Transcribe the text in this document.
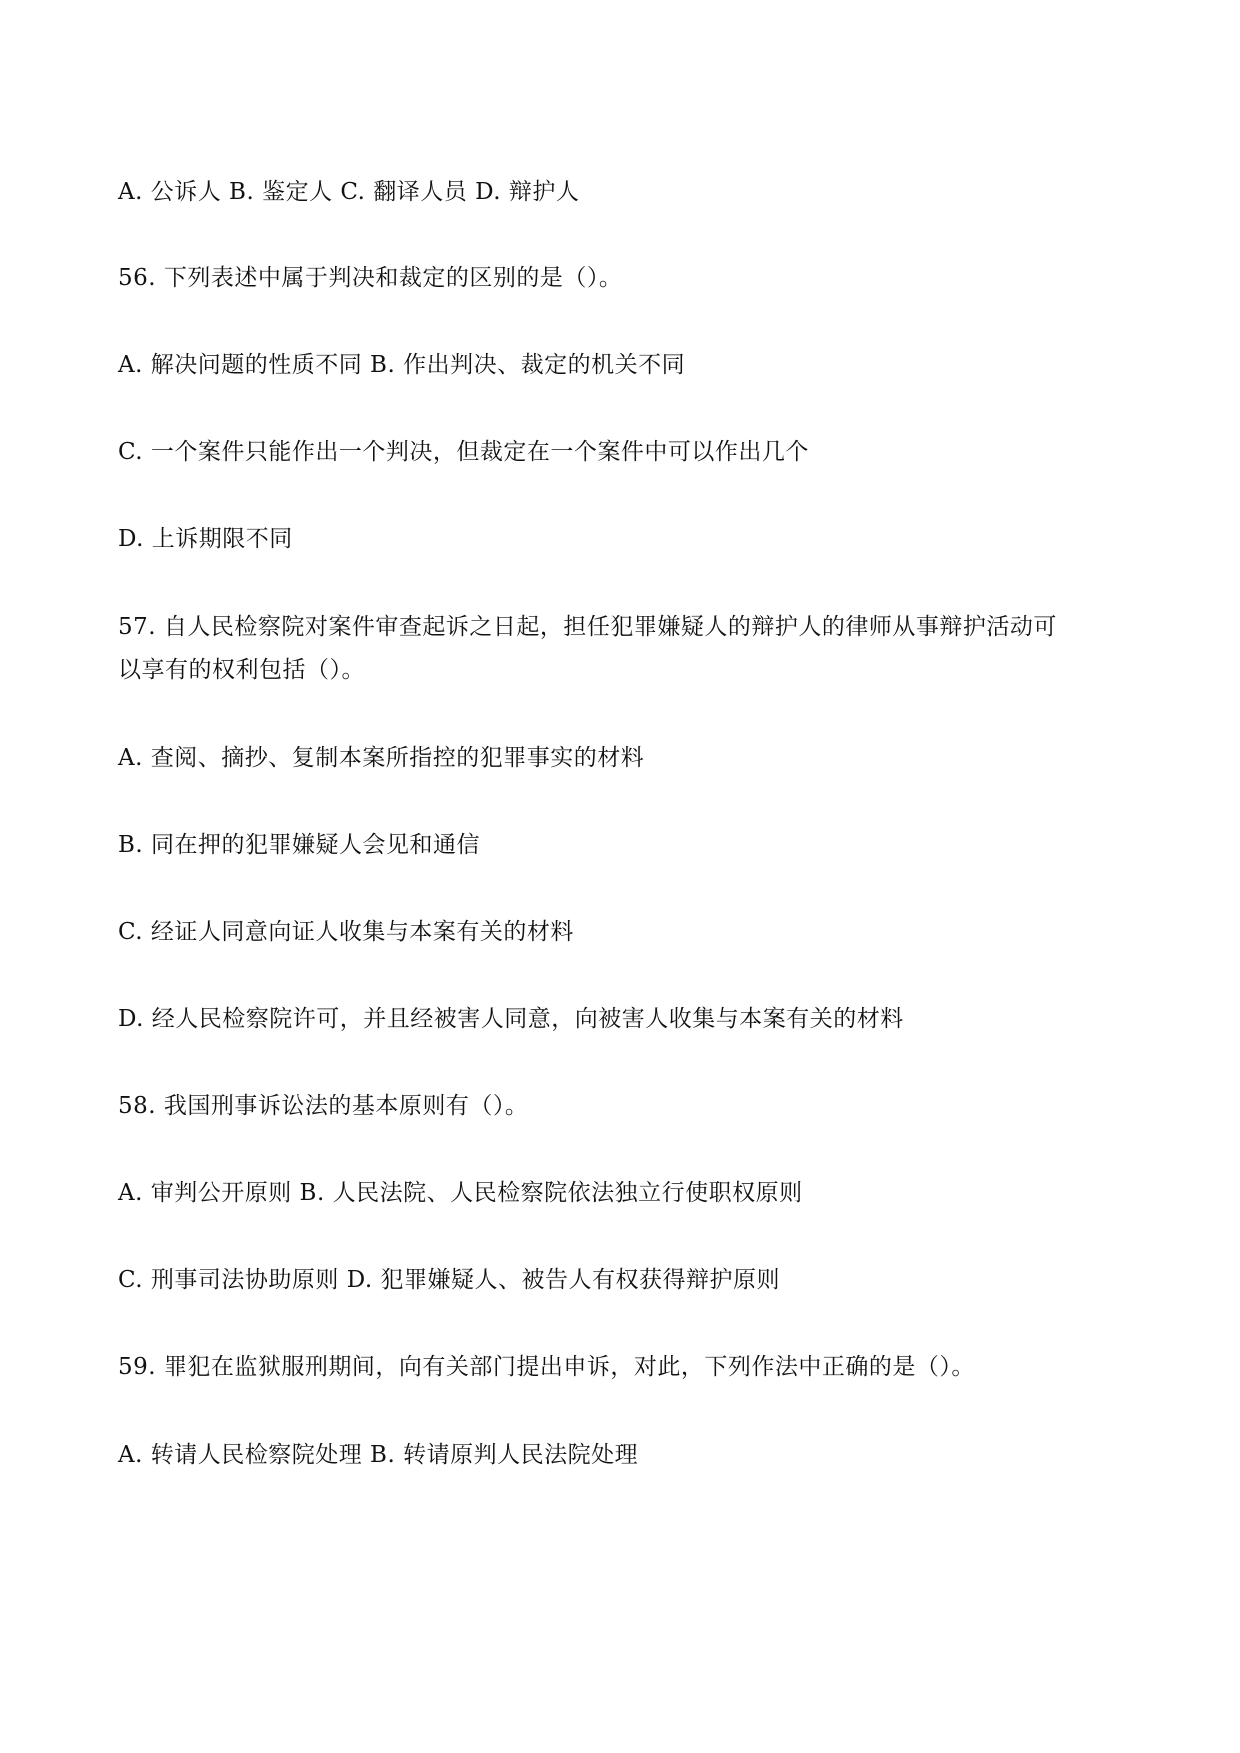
A. 公诉人 B. 鉴定人 C. 翻译人员 D. 辩护人
56. 下列表述中属于判决和裁定的区别的是（）。
A. 解决问题的性质不同 B. 作出判决、裁定的机关不同
C. 一个案件只能作出一个判决，但裁定在一个案件中可以作出几个
D. 上诉期限不同
57. 自人民检察院对案件审查起诉之日起，担任犯罪嫌疑人的辩护人的律师从事辩护活动可
以享有的权利包括（）。
A. 查阅、摘抄、复制本案所指控的犯罪事实的材料
B. 同在押的犯罪嫌疑人会见和通信
C. 经证人同意向证人收集与本案有关的材料
D. 经人民检察院许可，并且经被害人同意，向被害人收集与本案有关的材料
58. 我国刑事诉讼法的基本原则有（）。
A. 审判公开原则 B. 人民法院、人民检察院依法独立行使职权原则
C. 刑事司法协助原则 D. 犯罪嫌疑人、被告人有权获得辩护原则
59. 罪犯在监狱服刑期间，向有关部门提出申诉，对此，下列作法中正确的是（）。
A. 转请人民检察院处理 B. 转请原判人民法院处理
